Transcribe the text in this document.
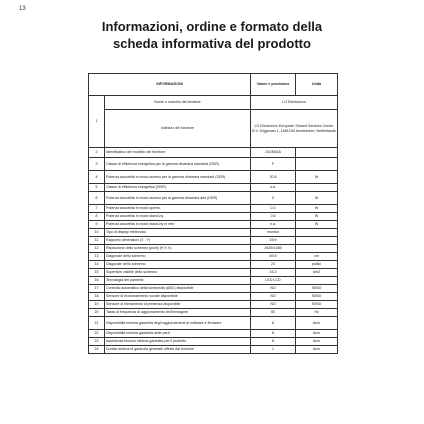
13
Informazioni, ordine e formato della
scheda informativa del prodotto
INFORMAZIONI		Valore e precisione	Unità
1	Nome o marchio del fornitore	LG Electronics	
	Indirizzo del fornitore	LG Electronics European Shared Services Center B.V. Krijgsman 1, 1186 DM Amstelveen, Netherlands	
2	Identificativo del modello del fornitore	24GN53A	
3	Classe di efficienza energetica per la gamma dinamica standard (SDR)	F	
4	Potenza assorbita in modo acceso per la gamma dinamica standard (SDR)	20.8	W
5	Classe di efficienza energetica (HDR)	n.a.	
6	Potenza assorbita in modo acceso per la gamma dinamica alta (HDR)	0	W
7	Potenza assorbita in modo spento	0.3	W
8	Potenza assorbita in modo stand-by	0.5	W
9	Potenza assorbita in modo stand-by in rete	n.a.	W
10	Tipo di display elettronico	monitor	
11	Rapporto dimensioni (X : Y)	16:9	
12	Risoluzione dello schermo (pixel) (H X V)	1920x1080	
13	Diagonale dello schermo	59.8	cm
14	Diagonale dello schermo	24	pollici
15	Superficie visibile dello schermo	15.3	dm2
16	Tecnologia del pannello	LED LCD	
17	Controllo automatico della luminosità (ABC) disponibile	NO	SI/NO
18	Sensore di riconoscimento vocale disponibile	NO	SI/NO
19	Sensore di rilevamento di presenza disponibile	NO	SI/NO
20	Tasso di frequenza di aggiornamento dell'immagine	50	Hz
21	Disponibilità minima garantita degli aggiornamenti di software e firmware	8	Anni
22	Disponibilità minima garantita delle parti	8	Anni
23	Assistenza tecnica minima garantita per il prodotto	8	Anni
24	Durata minima di garanzia generale offerta dal fornitore	1	Anni
